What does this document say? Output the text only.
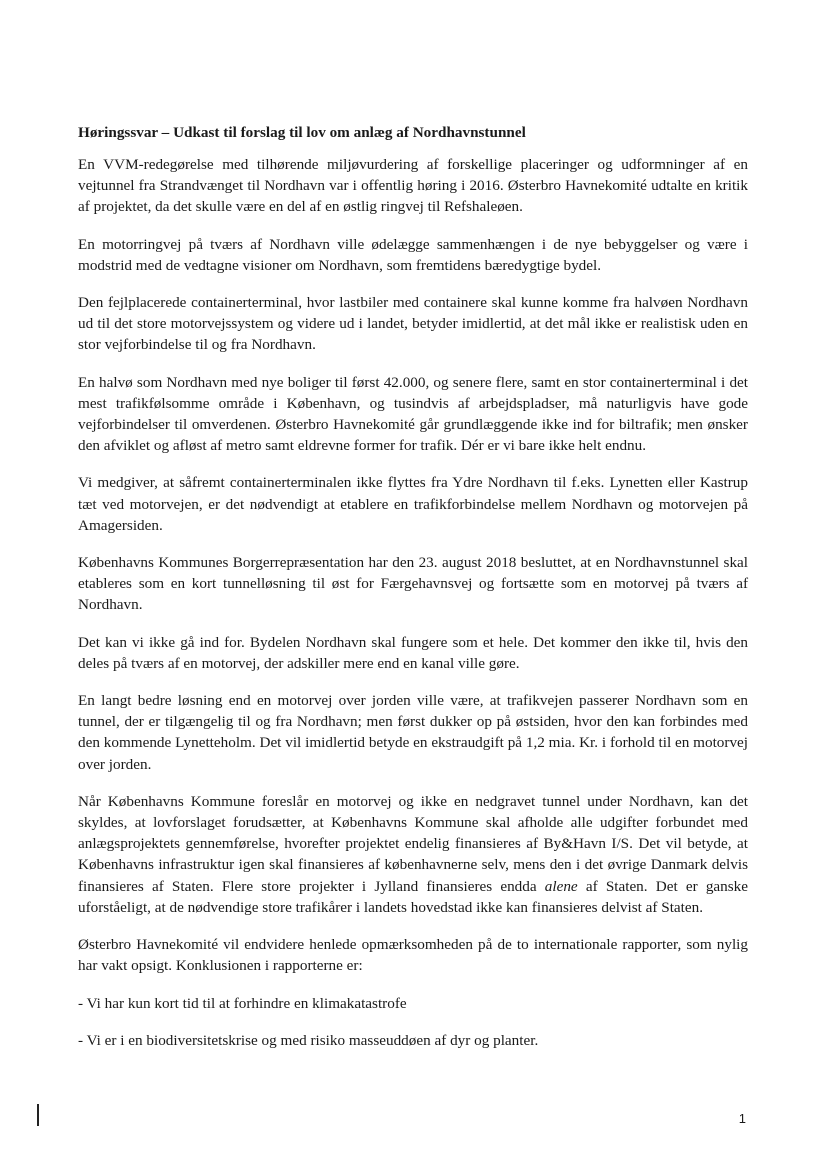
Høringssvar – Udkast til forslag til lov om anlæg af Nordhavnstunnel

En VVM-redegørelse med tilhørende miljøvurdering af forskellige placeringer og udformninger af en vejtunnel fra Strandvænget til Nordhavn var i offentlig høring i 2016. Østerbro Havnekomité udtalte en kritik af projektet, da det skulle være en del af en østlig ringvej til Refshaleøen.

En motorringvej på tværs af Nordhavn ville ødelægge sammenhængen i de nye bebyggelser og være i modstrid med de vedtagne visioner om Nordhavn, som fremtidens bæredygtige bydel.

Den fejlplacerede containerterminal, hvor lastbiler med containere skal kunne komme fra halvøen Nordhavn ud til det store motorvejssystem og videre ud i landet, betyder imidlertid, at det mål ikke er realistisk uden en stor vejforbindelse til og fra Nordhavn.

En halvø som Nordhavn med nye boliger til først 42.000, og senere flere, samt en stor containerterminal i det mest trafikfølsomme område i København, og tusindvis af arbejdspladser, må naturligvis have gode vejforbindelser til omverdenen. Østerbro Havnekomité går grundlæggende ikke ind for biltrafik; men ønsker den afviklet og afløst af metro samt eldrevne former for trafik. Dér er vi bare ikke helt endnu.

Vi medgiver, at såfremt containerterminalen ikke flyttes fra Ydre Nordhavn til f.eks. Lynetten eller Kastrup tæt ved motorvejen, er det nødvendigt at etablere en trafikforbindelse mellem Nordhavn og motorvejen på Amagersiden.

Københavns Kommunes Borgerrepræsentation har den 23. august 2018 besluttet, at en Nordhavnstunnel skal etableres som en kort tunnelløsning til øst for Færgehavnsvej og fortsætte som en motorvej på tværs af Nordhavn.

Det kan vi ikke gå ind for. Bydelen Nordhavn skal fungere som et hele. Det kommer den ikke til, hvis den deles på tværs af en motorvej, der adskiller mere end en kanal ville gøre.

En langt bedre løsning end en motorvej over jorden ville være, at trafikvejen passerer Nordhavn som en tunnel, der er tilgængelig til og fra Nordhavn; men først dukker op på østsiden, hvor den kan forbindes med den kommende Lynetteholm. Det vil imidlertid betyde en ekstraudgift på 1,2 mia. Kr. i forhold til en motorvej over jorden.

Når Københavns Kommune foreslår en motorvej og ikke en nedgravet tunnel under Nordhavn, kan det skyldes, at lovforslaget forudsætter, at Københavns Kommune skal afholde alle udgifter forbundet med anlægsprojektets gennemførelse, hvorefter projektet endelig finansieres af By&Havn I/S. Det vil betyde, at Københavns infrastruktur igen skal finansieres af københavnerne selv, mens den i det øvrige Danmark delvis finansieres af Staten. Flere store projekter i Jylland finansieres endda alene af Staten. Det er ganske uforståeligt, at de nødvendige store trafikårer i landets hovedstad ikke kan finansieres delvist af Staten.

Østerbro Havnekomité vil endvidere henlede opmærksomheden på de to internationale rapporter, som nylig har vakt opsigt. Konklusionen i rapporterne er:

- Vi har kun kort tid til at forhindre en klimakatastrofe
- Vi er i en biodiversitetskrise og med risiko masseuddøen af dyr og planter.
1
